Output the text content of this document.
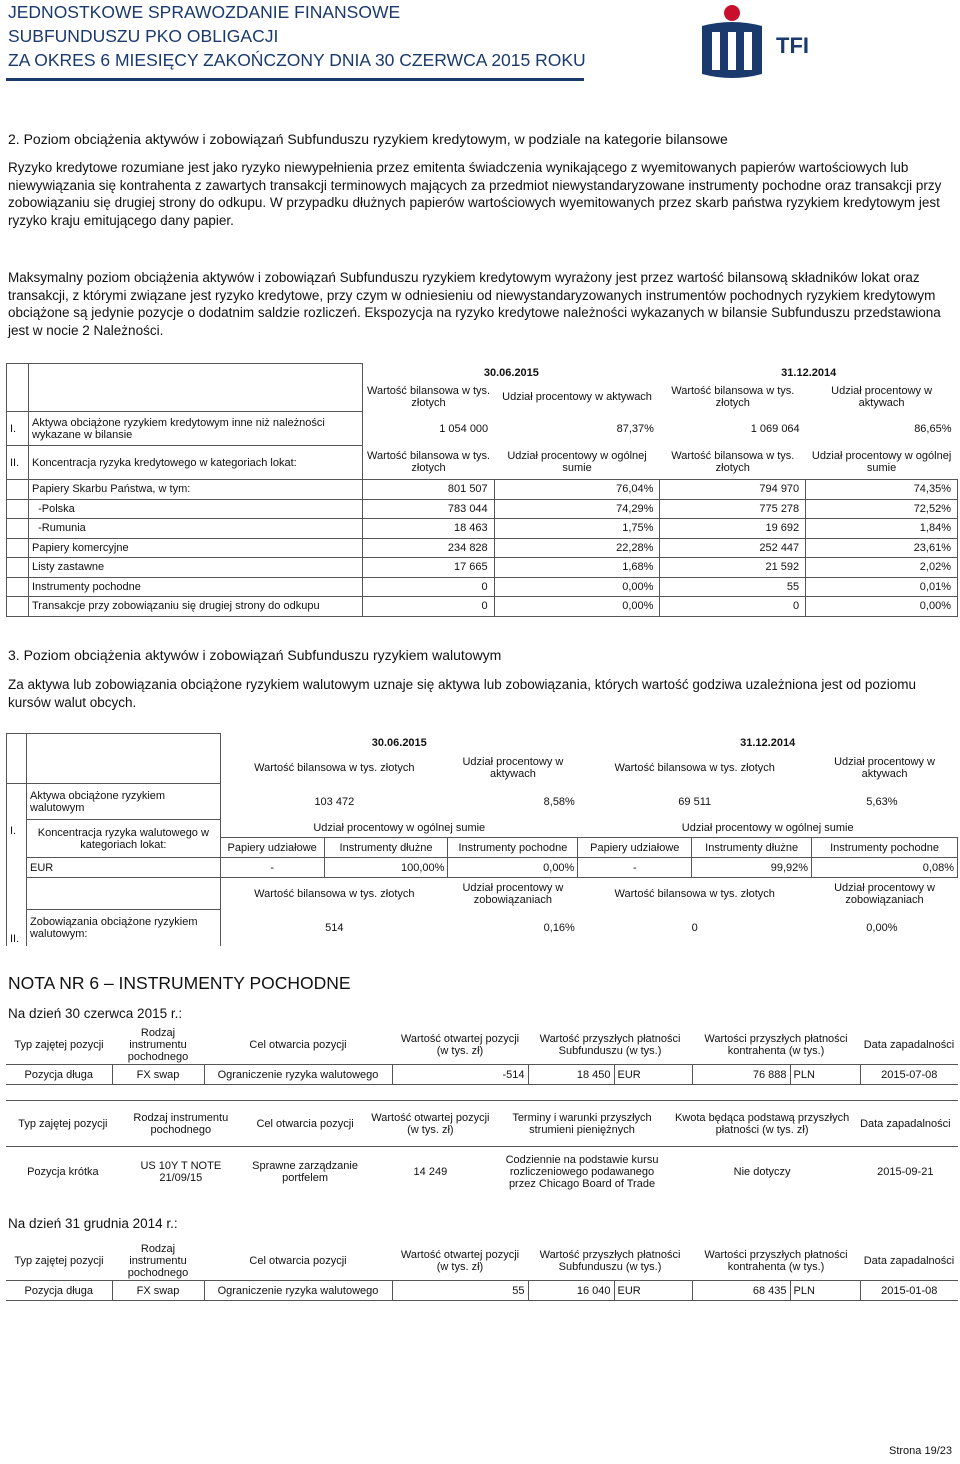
JEDNOSTKOWE SPRAWOZDANIE FINANSOWE
SUBFUNDUSZU PKO OBLIGACJI
ZA OKRES 6 MIESIĘCY ZAKOŃCZONY DNIA 30 CZERWCA 2015 ROKU
TFI
2. Poziom obciążenia aktywów i zobowiązań Subfunduszu ryzykiem kredytowym, w podziale na kategorie bilansowe

Ryzyko kredytowe rozumiane jest jako ryzyko niewypełnienia przez emitenta świadczenia wynikającego z wyemitowanych papierów wartościowych lub niewywiązania się kontrahenta z zawartych transakcji terminowych mających za przedmiot niewystandaryzowane instrumenty pochodne oraz transakcji przy zobowiązaniu się drugiej strony do odkupu. W przypadku dłużnych papierów wartościowych wyemitowanych przez skarb państwa ryzykiem kredytowym jest ryzyko kraju emitującego dany papier.

Maksymalny poziom obciążenia aktywów i zobowiązań Subfunduszu ryzykiem kredytowym wyrażony jest przez wartość bilansową składników lokat oraz transakcji, z którymi związane jest ryzyko kredytowe, przy czym w odniesieniu od niewystandaryzowanych instrumentów pochodnych ryzykiem kredytowym obciążone są jedynie pozycje o dodatnim saldzie rozliczeń. Ekspozycja na ryzyko kredytowe należności wykazanych w bilansie Subfunduszu przedstawiona jest w nocie 2 Należności.

		30.06.2015		31.12.2014	
		Wartość bilansowa w tys. złotych	Udział procentowy w aktywach	Wartość bilansowa w tys. złotych	Udział procentowy w aktywach
I.	Aktywa obciążone ryzykiem kredytowym inne niż należności wykazane w bilansie	1 054 000	87,37%	1 069 064	86,65%
II.	Koncentracja ryzyka kredytowego w kategoriach lokat:	Wartość bilansowa w tys. złotych	Udział procentowy w ogólnej sumie	Wartość bilansowa w tys. złotych	Udział procentowy w ogólnej sumie
	Papiery Skarbu Państwa, w tym:	801 507	76,04%	794 970	74,35%
	-Polska	783 044	74,29%	775 278	72,52%
	-Rumunia	18 463	1,75%	19 692	1,84%
	Papiery komercyjne	234 828	22,28%	252 447	23,61%
	Listy zastawne	17 665	1,68%	21 592	2,02%
	Instrumenty pochodne	0	0,00%	55	0,01%
	Transakcje przy zobowiązaniu się drugiej strony do odkupu	0	0,00%	0	0,00%
3. Poziom obciążenia aktywów i zobowiązań Subfunduszu ryzykiem walutowym

Za aktywa lub zobowiązania obciążone ryzykiem walutowym uznaje się aktywa lub zobowiązania, których wartość godziwa uzależniona jest od poziomu kursów walut obcych.

		30.06.2015			31.12.2014		
		Wartość bilansowa w tys. złotych		Udział procentowy w aktywach	Wartość bilansowa w tys. złotych		Udział procentowy w aktywach
I.	Aktywa obciążone ryzykiem walutowym	103 472		8,58%	69 511		5,63%
	Koncentracja ryzyka walutowego w kategoriach lokat:	Udział procentowy w ogólnej sumie			Udział procentowy w ogólnej sumie		
		Papiery udziałowe	Instrumenty dłużne	Instrumenty pochodne	Papiery udziałowe	Instrumenty dłużne	Instrumenty pochodne
	EUR	-	100,00%	0,00%	-	99,92%	0,08%
II.		Wartość bilansowa w tys. złotych		Udział procentowy w zobowiązaniach	Wartość bilansowa w tys. złotych		Udział procentowy w zobowiązaniach
	Zobowiązania obciążone ryzykiem walutowym:	514		0,16%	0		0,00%
NOTA NR 6 – INSTRUMENTY POCHODNE
Na dzień 30 czerwca 2015 r.:
Typ zajętej pozycji	Rodzaj instrumentu pochodnego	Cel otwarcia pozycji	Wartość otwartej pozycji (w tys. zł)	Wartość przyszłych płatności Subfunduszu (w tys.)		Wartości przyszłych płatności kontrahenta (w tys.)		Data zapadalności
Pozycja długa	FX swap	Ograniczenie ryzyka walutowego	-514	18 450	EUR	76 888	PLN	2015-07-08
Typ zajętej pozycji	Rodzaj instrumentu pochodnego	Cel otwarcia pozycji	Wartość otwartej pozycji (w tys. zł)	Terminy i warunki przyszłych strumieni pieniężnych	Kwota będąca podstawą przyszłych płatności (w tys. zł)	Data zapadalności
Pozycja krótka	US 10Y T NOTE 21/09/15	Sprawne zarządzanie portfelem	14 249	Codziennie na podstawie kursu rozliczeniowego podawanego przez Chicago Board of Trade	Nie dotyczy	2015-09-21
Na dzień 31 grudnia 2014 r.:
Typ zajętej pozycji	Rodzaj instrumentu pochodnego	Cel otwarcia pozycji	Wartość otwartej pozycji (w tys. zł)	Wartość przyszłych płatności Subfunduszu (w tys.)		Wartości przyszłych płatności kontrahenta (w tys.)		Data zapadalności
Pozycja długa	FX swap	Ograniczenie ryzyka walutowego	55	16 040	EUR	68 435	PLN	2015-01-08
Strona 19/23
